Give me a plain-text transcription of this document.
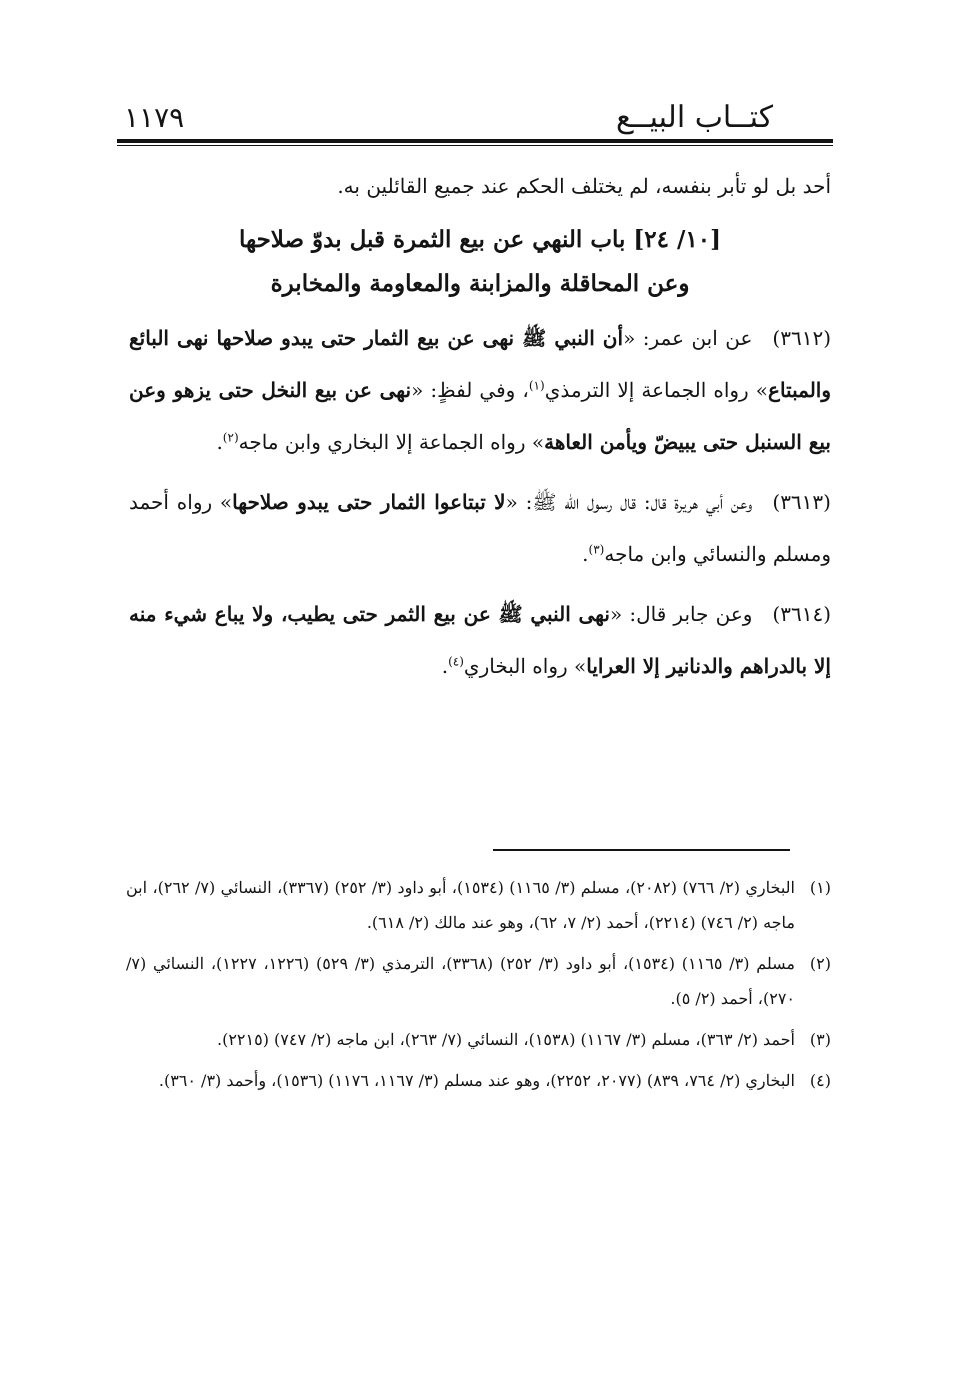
كتــاب البيــع
١١٧٩
أحد بل لو تأبر بنفسه، لم يختلف الحكم عند جميع القائلين به.
[١٠/ ٢٤] باب النهي عن بيع الثمرة قبل بدوّ صلاحها
وعن المحاقلة والمزابنة والمعاومة والمخابرة
(٣٦١٢)عن ابن عمر: «أن النبي ﷺ نهى عن بيع الثمار حتى يبدو صلاحها نهى البائع والمبتاع» رواه الجماعة إلا الترمذي$^{(١)}$، وفي لفظٍ: «نهى عن بيع النخل حتى يزهو وعن بيع السنبل حتى يبيضّ ويأمن العاهة» رواه الجماعة إلا البخاري وابن ماجه$^{(٢)}$.
(٣٦١٣)وعن أبي هريرة قال: قال رسول الله ﷺ: «لا تبتاعوا الثمار حتى يبدو صلاحها» رواه أحمد ومسلم والنسائي وابن ماجه$^{(٣)}$.
(٣٦١٤)وعن جابر قال: «نهى النبي ﷺ عن بيع الثمر حتى يطيب، ولا يباع شيء منه إلا بالدراهم والدنانير إلا العرايا» رواه البخاري$^{(٤)}$.
(١)
البخاري (٢/ ٧٦٦) (٢٠٨٢)، مسلم (٣/ ١١٦٥) (١٥٣٤)، أبو داود (٣/ ٢٥٢) (٣٣٦٧)، النسائي (٧/ ٢٦٢)، ابن ماجه (٢/ ٧٤٦) (٢٢١٤)، أحمد (٢/ ٧، ٦٢)، وهو عند مالك (٢/ ٦١٨).
(٢)
مسلم (٣/ ١١٦٥) (١٥٣٤)، أبو داود (٣/ ٢٥٢) (٣٣٦٨)، الترمذي (٣/ ٥٢٩) (١٢٢٦، ١٢٢٧)، النسائي (٧/ ٢٧٠)، أحمد (٢/ ٥).
(٣)
أحمد (٢/ ٣٦٣)، مسلم (٣/ ١١٦٧) (١٥٣٨)، النسائي (٧/ ٢٦٣)، ابن ماجه (٢/ ٧٤٧) (٢٢١٥).
(٤)
البخاري (٢/ ٧٦٤، ٨٣٩) (٢٠٧٧، ٢٢٥٢)، وهو عند مسلم (٣/ ١١٦٧، ١١٧٦) (١٥٣٦)، وأحمد (٣/ ٣٦٠).
